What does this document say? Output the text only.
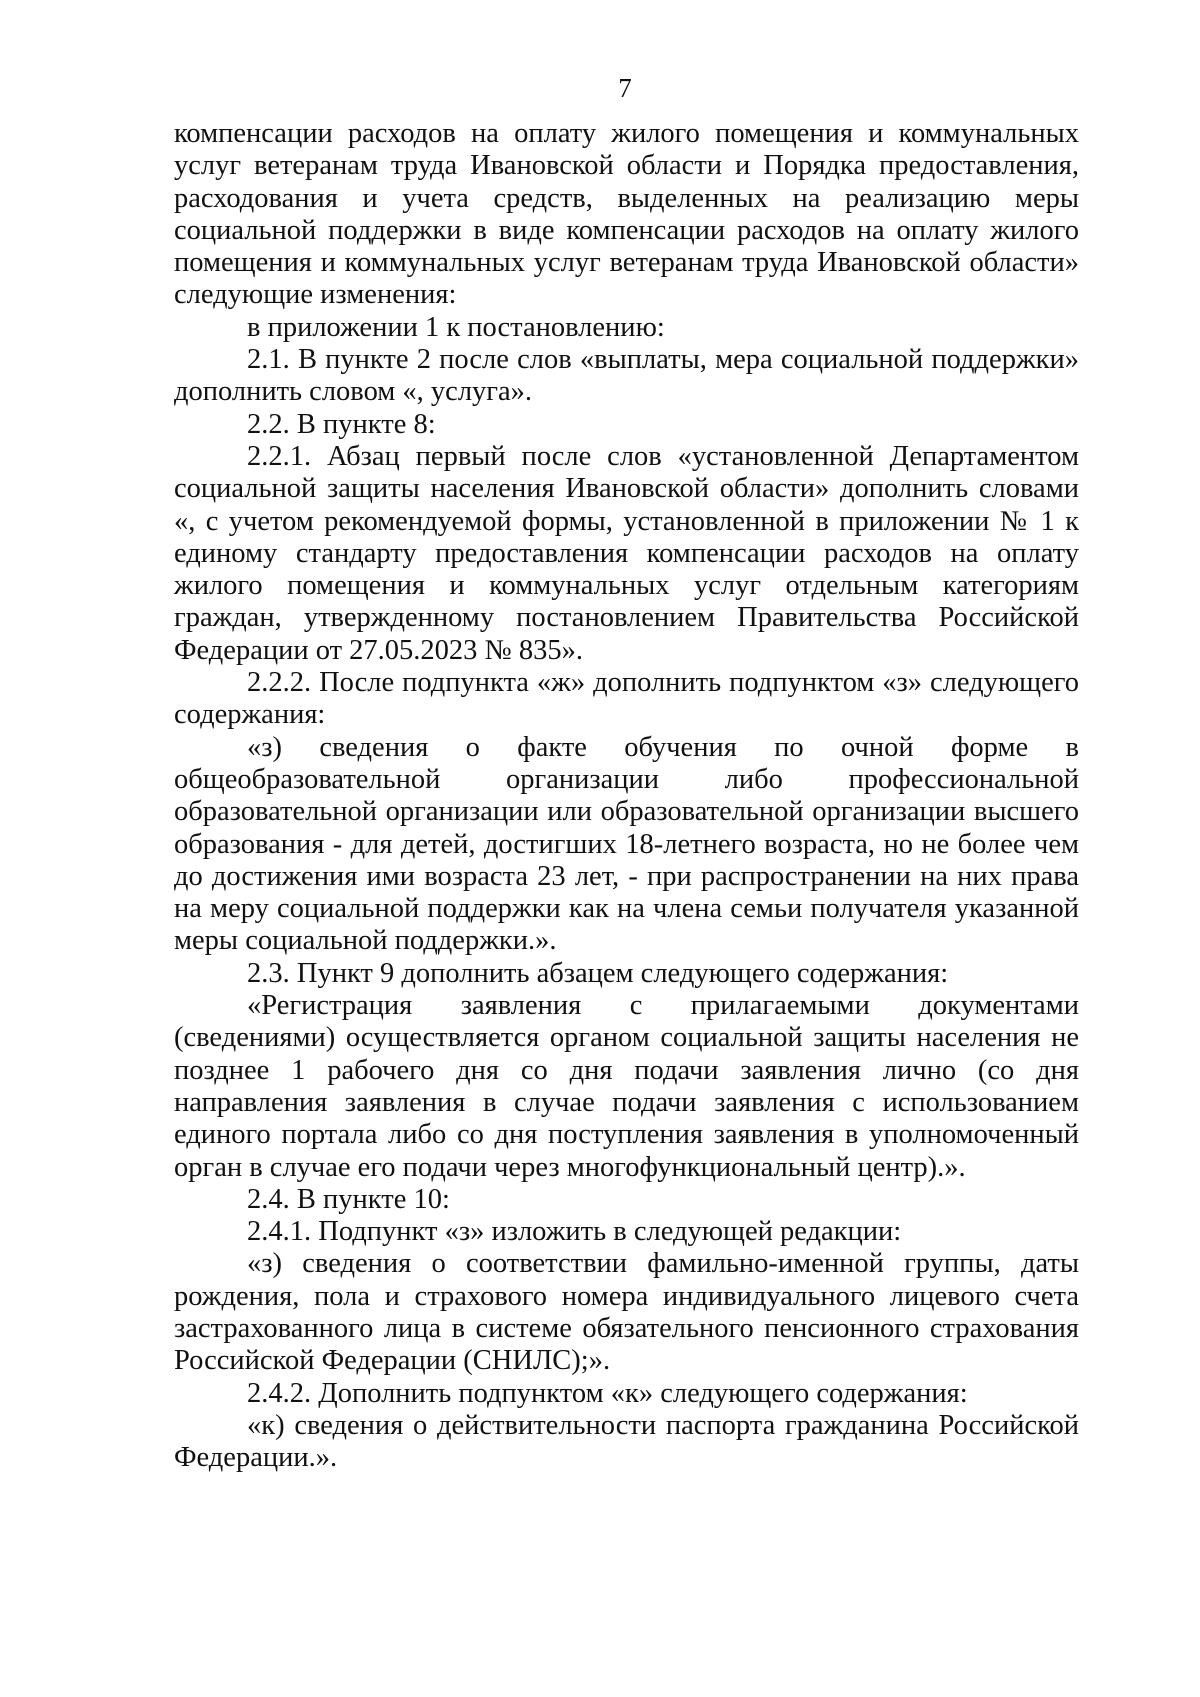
7

компенсации расходов на оплату жилого помещения и коммунальных услуг ветеранам труда Ивановской области и Порядка предоставления, расходования и учета средств, выделенных на реализацию меры социальной поддержки в виде компенсации расходов на оплату жилого помещения и коммунальных услуг ветеранам труда Ивановской области» следующие изменения:

в приложении 1 к постановлению:

2.1. В пункте 2 после слов «выплаты, мера социальной поддержки» дополнить словом «, услуга».

2.2. В пункте 8:

2.2.1. Абзац первый после слов «установленной Департаментом социальной защиты населения Ивановской области» дополнить словами «, с учетом рекомендуемой формы, установленной в приложении № 1 к единому стандарту предоставления компенсации расходов на оплату жилого помещения и коммунальных услуг отдельным категориям граждан, утвержденному постановлением Правительства Российской Федерации от 27.05.2023 № 835».

2.2.2. После подпункта «ж» дополнить подпунктом «з» следующего содержания:

«з) сведения о факте обучения по очной форме в общеобразовательной организации либо профессиональной образовательной организации или образовательной организации высшего образования - для детей, достигших 18-летнего возраста, но не более чем до достижения ими возраста 23 лет, - при распространении на них права на меру социальной поддержки как на члена семьи получателя указанной меры социальной поддержки.».

2.3. Пункт 9 дополнить абзацем следующего содержания:

«Регистрация заявления с прилагаемыми документами (сведениями) осуществляется органом социальной защиты населения не позднее 1 рабочего дня со дня подачи заявления лично (со дня направления заявления в случае подачи заявления с использованием единого портала либо со дня поступления заявления в уполномоченный орган в случае его подачи через многофункциональный центр).».

2.4. В пункте 10:

2.4.1. Подпункт «з» изложить в следующей редакции:

«з) сведения о соответствии фамильно-именной группы, даты рождения, пола и страхового номера индивидуального лицевого счета застрахованного лица в системе обязательного пенсионного страхования Российской Федерации (СНИЛС);».

2.4.2. Дополнить подпунктом «к» следующего содержания:

«к) сведения о действительности паспорта гражданина Российской Федерации.».
